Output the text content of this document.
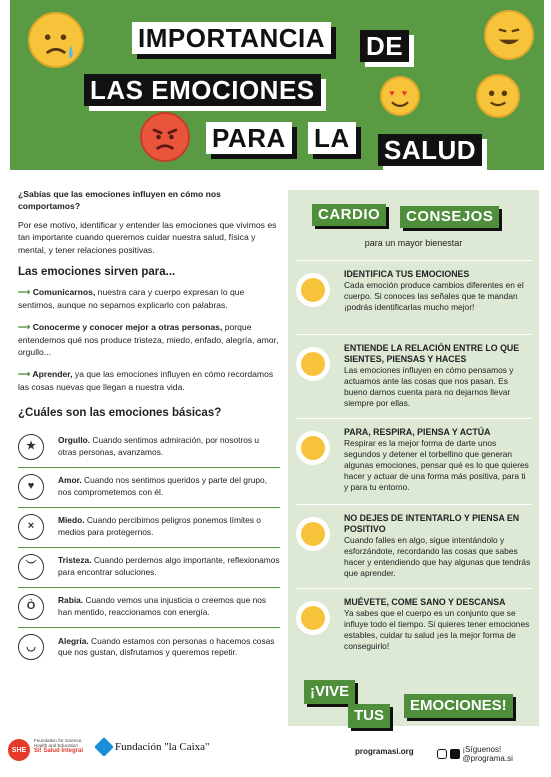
♥ ♥
IMPORTANCIA DE
LAS EMOCIONES
PARA LA SALUD

¿Sabías que las emociones influyen en cómo nos comportamos?

Por ese motivo, identificar y entender las emociones que vivimos es tan importante cuando queremos cuidar nuestra salud, física y mental, y tener relaciones positivas.

Las emociones sirven para...

⟶ Comunicarnos, nuestra cara y cuerpo expresan lo que sentimos, aunque no sepamos explicarlo con palabras.

⟶ Conocerme y conocer mejor a otras personas, porque entendemos qué nos produce tristeza, miedo, enfado, alegría, amor, orgullo...

⟶ Aprender, ya que las emociones influyen en cómo recordamos las cosas nuevas que llegan a nuestra vida.

¿Cuáles son las emociones básicas?
★
Orgullo. Cuando sentimos admiración, por nosotros u otras personas, avanzamos.
♥
Amor. Cuando nos sentimos queridos y parte del grupo, nos comprometemos con él.
×
Miedo. Cuando percibimos peligros ponemos límites o medios para protegernos.
︶
Tristeza. Cuando perdemos algo importante, reflexionamos para encontrar soluciones.
Ò
Rabia. Cuando vemos una injusticia o creemos que nos han mentido, reaccionamos con energía.
◡
Alegría. Cuando estamos con personas o hacemos cosas que nos gustan, disfrutamos y queremos repetir.
CARDIO	CONSEJOS
para un mayor bienestar
IDENTIFICA TUS EMOCIONES
Cada emoción produce cambios diferentes en el cuerpo. Si conoces las señales que te mandan ¡podrás identificarlas mucho mejor!
ENTIENDE LA RELACIÓN ENTRE LO QUE SIENTES, PIENSAS Y HACES
Las emociones influyen en cómo pensamos y actuamos ante las cosas que nos pasan. Es bueno darnos cuenta para no dejarnos llevar siempre por ellas.
PARA, RESPIRA, PIENSA Y ACTÚA
Respirar es la mejor forma de darte unos segundos y detener el torbellino que generan algunas emociones, pensar qué es lo que quieres hacer y actuar de una forma más positiva, para ti y para tu entorno.
NO DEJES DE INTENTARLO Y PIENSA EN POSITIVO
Cuando falles en algo, sigue intentándolo y esforzándote, recordando las cosas que sabes hacer y entendiendo que hay algunas que tendrás que aprender.
MUÉVETE, COME SANO Y DESCANSA
Ya sabes que el cuerpo es un conjunto que se influye todo el tiempo. Si quieres tener emociones estables, cuidar tu salud ¡es la mejor forma de conseguirlo!
¡VIVE
TUS
EMOCIONES!
SHE
Foundation for Science, Health and Education
SI! Salud Integral	Fundación "la Caixa"	programasi.org	¡Síguenos! @programa.si
